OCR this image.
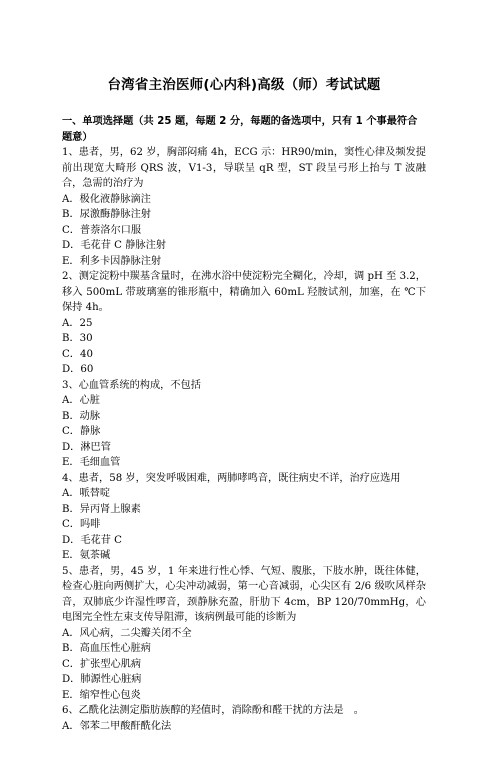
台湾省主治医师(心内科)高级（师）考试试题
一、单项选择题（共 25 题，每题 2 分，每题的备选项中，只有 1 个事最符合题意）
1、患者，男，62 岁，胸部闷痛 4h，ECG 示：HR90/min，窦性心律及频发提前出现宽大畸形 QRS 波，V1-3，导联呈 qR 型，ST 段呈弓形上抬与 T 波融合，急需的治疗为
A．极化液静脉滴注
B．尿激酶静脉注射
C．普萘洛尔口服
D．毛花苷 C 静脉注射
E．利多卡因静脉注射
2、测定淀粉中羰基含量时，在沸水浴中使淀粉完全糊化，冷却，调 pH 至 3.2，移入 500mL 带玻璃塞的锥形瓶中，精确加入 60mL 羟胺试剂，加塞，在 ℃下保持 4h。
A．25
B．30
C．40
D．60
3、心血管系统的构成，不包括
A．心脏
B．动脉
C．静脉
D．淋巴管
E．毛细血管
4、患者，58 岁，突发呼吸困难，两肺哮鸣音，既往病史不详，治疗应选用
A．哌替啶
B．异丙肾上腺素
C．吗啡
D．毛花苷 C
E．氨茶碱
5、患者，男，45 岁，1 年来进行性心悸、气短、腹胀，下肢水肿，既往体健，检查心脏向两侧扩大，心尖冲动减弱，第一心音减弱，心尖区有 2/6 级吹风样杂音，双肺底少许湿性啰音，颈静脉充盈，肝肋下 4cm，BP 120/70mmHg，心电图完全性左束支传导阻滞，该病例最可能的诊断为
A．风心病，二尖瓣关闭不全
B．高血压性心脏病
C．扩张型心肌病
D．肺源性心脏病
E．缩窄性心包炎
6、乙酰化法测定脂肪族醇的羟值时，消除酚和醛干扰的方法是　。
A．邻苯二甲酸酐酰化法
